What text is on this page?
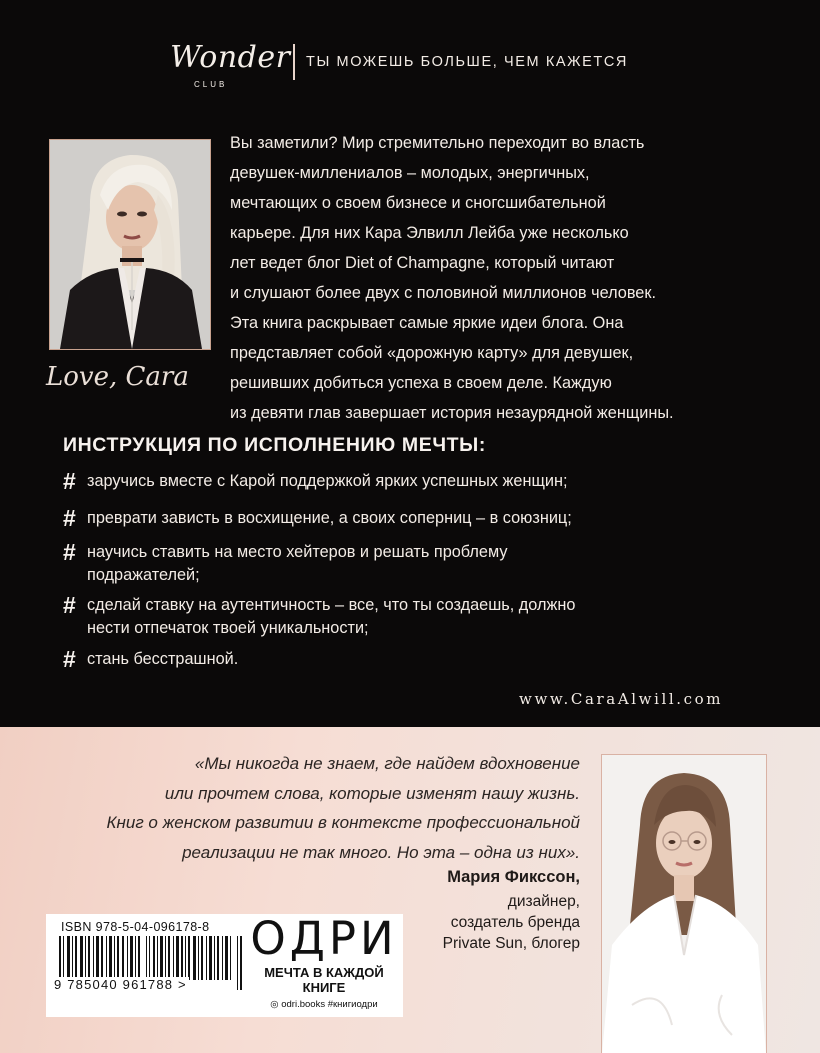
Wonder
CLUB
ТЫ МОЖЕШЬ БОЛЬШЕ, ЧЕМ КАЖЕТСЯ
Love, Cara

Вы заметили? Мир стремительно переходит во власть
девушек-миллениалов – молодых, энергичных,
мечтающих о своем бизнесе и сногсшибательной
карьере. Для них Кара Элвилл Лейба уже несколько
лет ведет блог Diet of Champagne, который читают
и слушают более двух с половиной миллионов человек.
Эта книга раскрывает самые яркие идеи блога. Она
представляет собой «дорожную карту» для девушек,
решивших добиться успеха в своем деле. Каждую
из девяти глав завершает история незаурядной женщины.

ИНСТРУКЦИЯ ПО ИСПОЛНЕНИЮ МЕЧТЫ:
# заручись вместе с Карой поддержкой ярких успешных женщин;
# преврати зависть в восхищение, а своих соперниц – в союзниц;
# научись ставить на место хейтеров и решать проблему
подражателей;
# сделай ставку на аутентичность – все, что ты создаешь, должно
нести отпечаток твоей уникальности;
# стань бесстрашной.
www.CaraAlwill.com

«Мы никогда не знаем, где найдем вдохновение
или прочтем слова, которые изменят нашу жизнь.
Книг о женском развитии в контексте профессиональной
реализации не так много. Но эта – одна из них».

Мария Фикссон,
дизайнер,
создатель бренда
Private Sun, блогер
ISBN 978-5-04-096178-8
9 785040 961788 >
ОДРИ
МЕЧТА В КАЖДОЙ
КНИГЕ
◎ odri.books #книгиодри
